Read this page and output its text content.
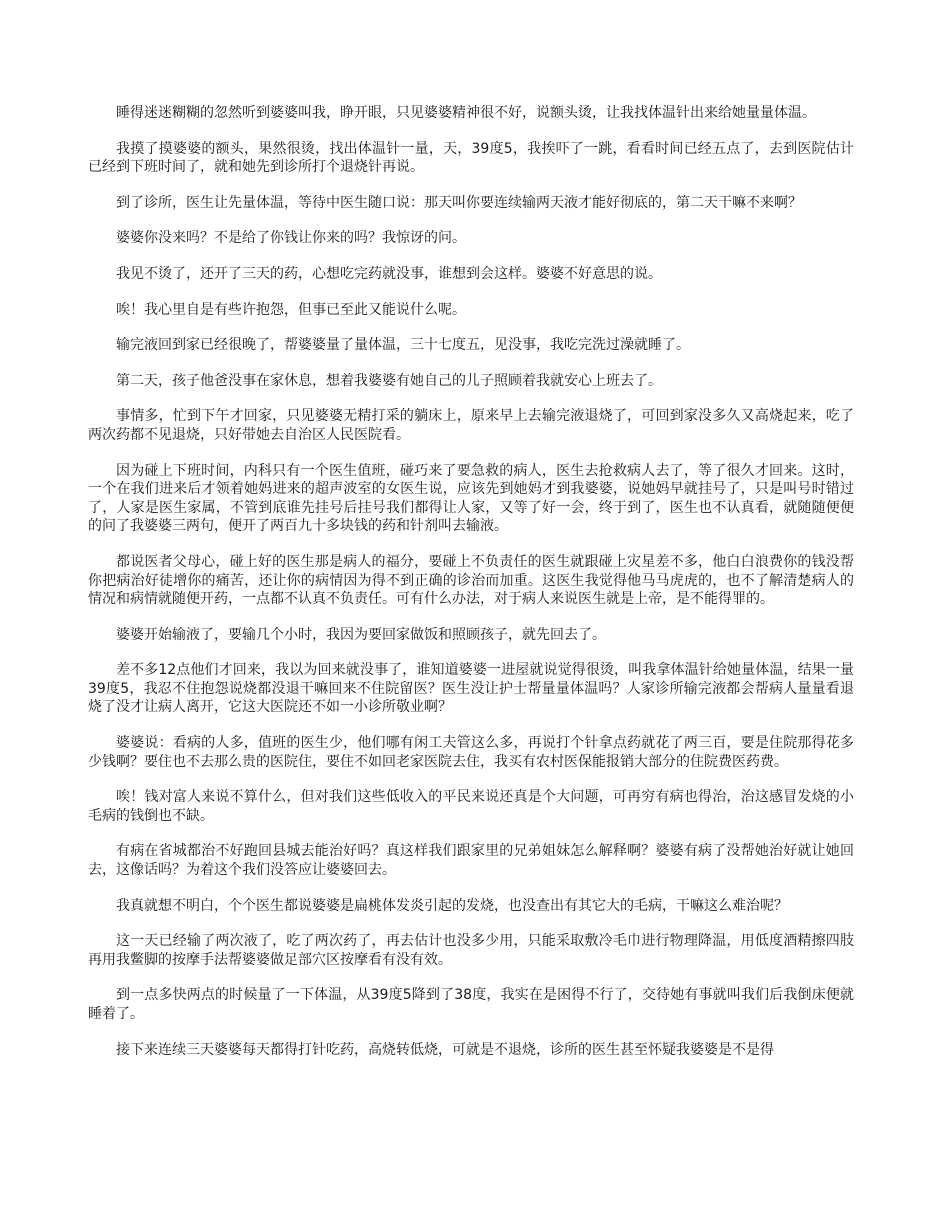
睡得迷迷糊糊的忽然听到婆婆叫我，睁开眼，只见婆婆精神很不好，说额头烫，让我找体温针出来给她量量体温。

我摸了摸婆婆的额头，果然很烫，找出体温针一量，天，39度5，我挨吓了一跳，看看时间已经五点了，去到医院估计已经到下班时间了，就和她先到诊所打个退烧针再说。

到了诊所，医生让先量体温，等待中医生随口说：那天叫你要连续输两天液才能好彻底的，第二天干嘛不来啊？

婆婆你没来吗？不是给了你钱让你来的吗？我惊讶的问。

我见不烫了，还开了三天的药，心想吃完药就没事，谁想到会这样。婆婆不好意思的说。

唉！我心里自是有些许抱怨，但事已至此又能说什么呢。

输完液回到家已经很晚了，帮婆婆量了量体温，三十七度五，见没事，我吃完洗过澡就睡了。

第二天，孩子他爸没事在家休息，想着我婆婆有她自己的儿子照顾着我就安心上班去了。

事情多，忙到下午才回家，只见婆婆无精打采的躺床上，原来早上去输完液退烧了，可回到家没多久又高烧起来，吃了两次药都不见退烧，只好带她去自治区人民医院看。

因为碰上下班时间，内科只有一个医生值班，碰巧来了要急救的病人，医生去抢救病人去了，等了很久才回来。这时，一个在我们进来后才领着她妈进来的超声波室的女医生说，应该先到她妈才到我婆婆，说她妈早就挂号了，只是叫号时错过了，人家是医生家属，不管到底谁先挂号后挂号我们都得让人家，又等了好一会，终于到了，医生也不认真看，就随随便便的问了我婆婆三两句，便开了两百九十多块钱的药和针剂叫去输液。

都说医者父母心，碰上好的医生那是病人的福分，要碰上不负责任的医生就跟碰上灾星差不多，他白白浪费你的钱没帮你把病治好徒增你的痛苦，还让你的病情因为得不到正确的诊治而加重。这医生我觉得他马马虎虎的，也不了解清楚病人的情况和病情就随便开药，一点都不认真不负责任。可有什么办法，对于病人来说医生就是上帝，是不能得罪的。

婆婆开始输液了，要输几个小时，我因为要回家做饭和照顾孩子，就先回去了。

差不多12点他们才回来，我以为回来就没事了，谁知道婆婆一进屋就说觉得很烫，叫我拿体温针给她量体温，结果一量39度5，我忍不住抱怨说烧都没退干嘛回来不住院留医？医生没让护士帮量量体温吗？人家诊所输完液都会帮病人量量看退烧了没才让病人离开，它这大医院还不如一小诊所敬业啊？

婆婆说：看病的人多，值班的医生少，他们哪有闲工夫管这么多，再说打个针拿点药就花了两三百，要是住院那得花多少钱啊？要住也不去那么贵的医院住，要住不如回老家医院去住，我买有农村医保能报销大部分的住院费医药费。

唉！钱对富人来说不算什么，但对我们这些低收入的平民来说还真是个大问题，可再穷有病也得治，治这感冒发烧的小毛病的钱倒也不缺。

有病在省城都治不好跑回县城去能治好吗？真这样我们跟家里的兄弟姐妹怎么解释啊？婆婆有病了没帮她治好就让她回去，这像话吗？为着这个我们没答应让婆婆回去。

我真就想不明白，个个医生都说婆婆是扁桃体发炎引起的发烧，也没查出有其它大的毛病，干嘛这么难治呢？

这一天已经输了两次液了，吃了两次药了，再去估计也没多少用，只能采取敷冷毛巾进行物理降温，用低度酒精擦四肢再用我鳖脚的按摩手法帮婆婆做足部穴区按摩看有没有效。

到一点多快两点的时候量了一下体温，从39度5降到了38度，我实在是困得不行了，交待她有事就叫我们后我倒床便就睡着了。

接下来连续三天婆婆每天都得打针吃药，高烧转低烧，可就是不退烧，诊所的医生甚至怀疑我婆婆是不是得
